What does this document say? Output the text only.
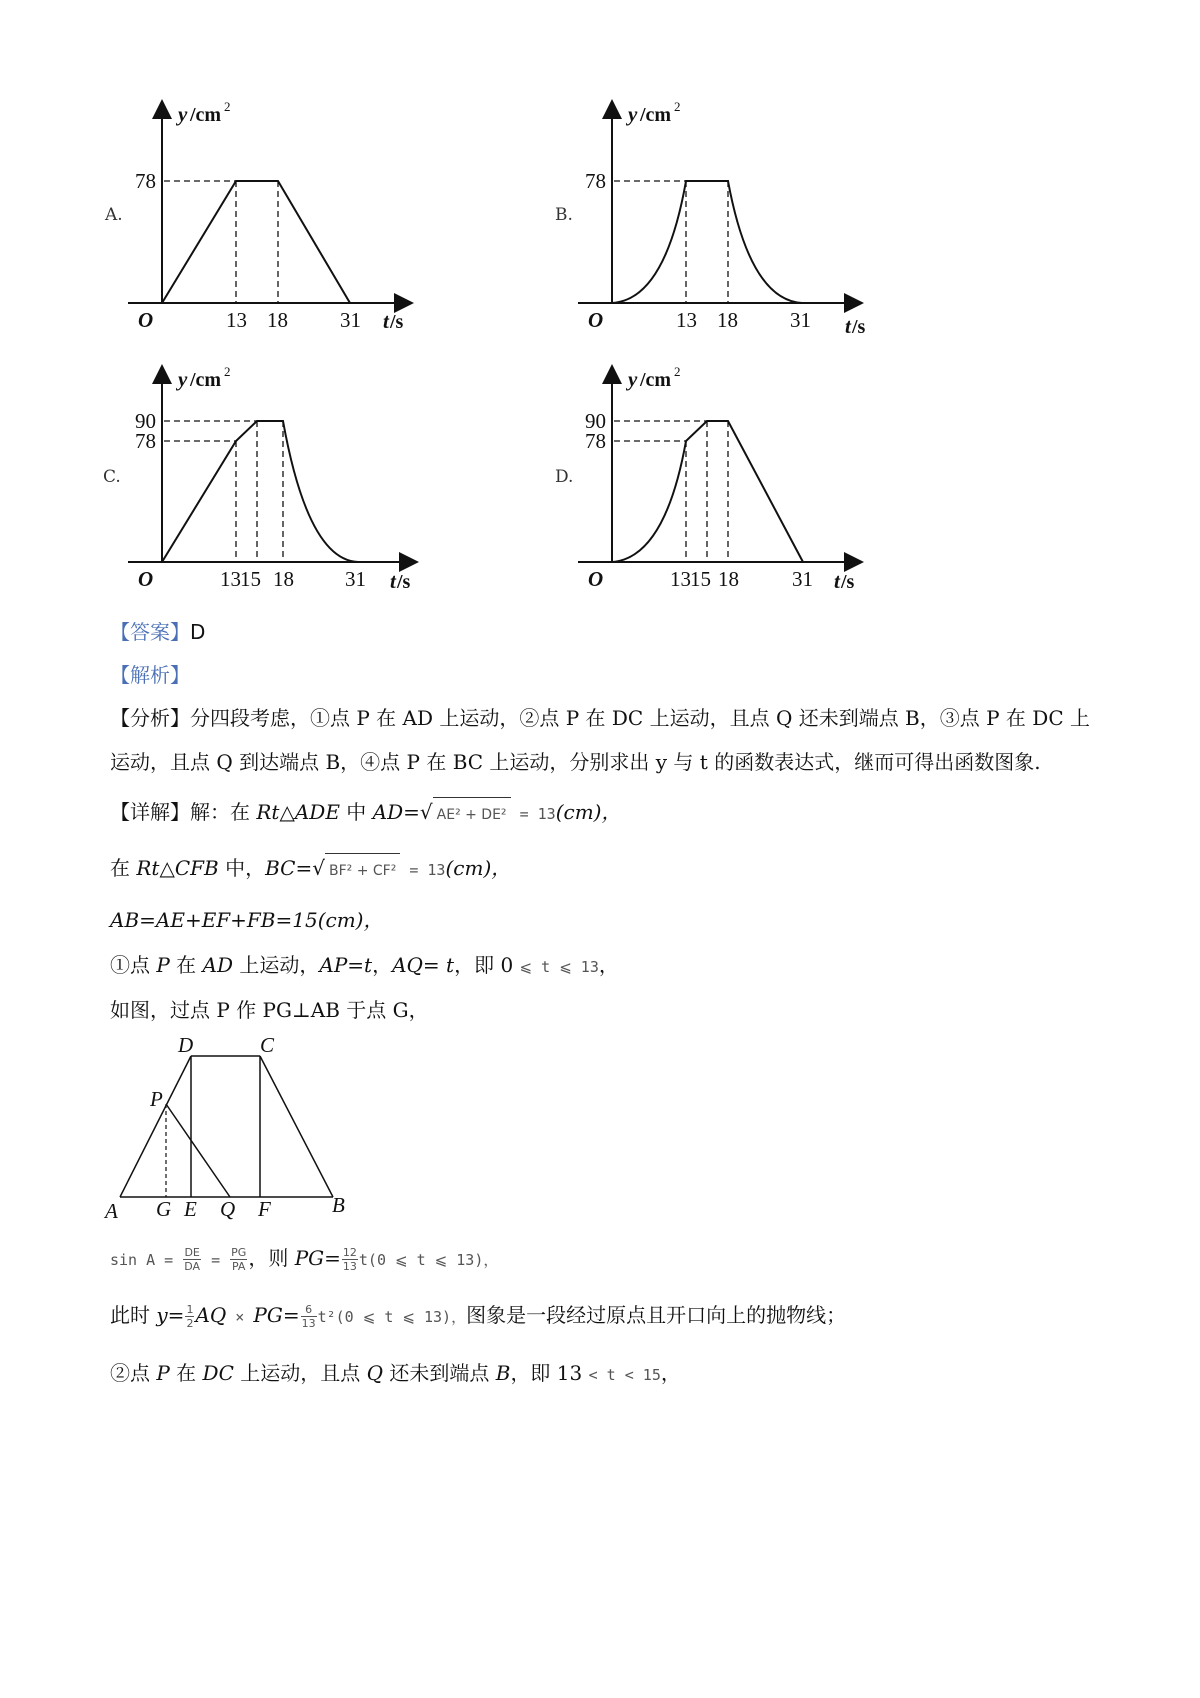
A.	B.
C.	D.
y /cm 2
O
78
13 18 31 t /s
y /cm 2
O
78
13 18 31 t /s
y /cm 2
O
90
78
13 15 18 31 t /s
y /cm 2
O
90
78
13 15 18	31 t /s
【答案】D
【解析】
【分析】分四段考虑，①点 P 在 AD 上运动，②点 P 在 DC 上运动，且点 Q 还未到端点 B，③点 P 在 DC 上
运动，且点 Q 到达端点 B，④点 P 在 BC 上运动，分别求出 y 与 t 的函数表达式，继而可得出函数图象.
【详解】解：在 Rt△ADE 中 AD=√ AE² + DE² = 13(cm)，
在 Rt△CFB 中，BC=√ BF² + CF² = 13(cm)，
AB=AE+EF+FB=15(cm)，
①点 P 在 AD 上运动，AP=t，AQ= t，即 0 ⩽ t ⩽ 13，
如图，过点 P 作 PG⊥AB 于点 G，
D	C
P
A G E Q F	B
$\sin A = \frac{DE}{DA} = \frac{PG}{PA}$ ，则 $PG= \frac{12}{13} t(0$ ⩽ t ⩽ 13)，
此时 $y= \frac{1}{2}$ AQ × $PG= \frac{6}{13} t^2(0$ ⩽ t ⩽ 13)，图象是一段经过原点且开口向上的抛物线；
②点 P 在 DC 上运动，且点 Q 还未到端点 B，即 13 < t < 15，
